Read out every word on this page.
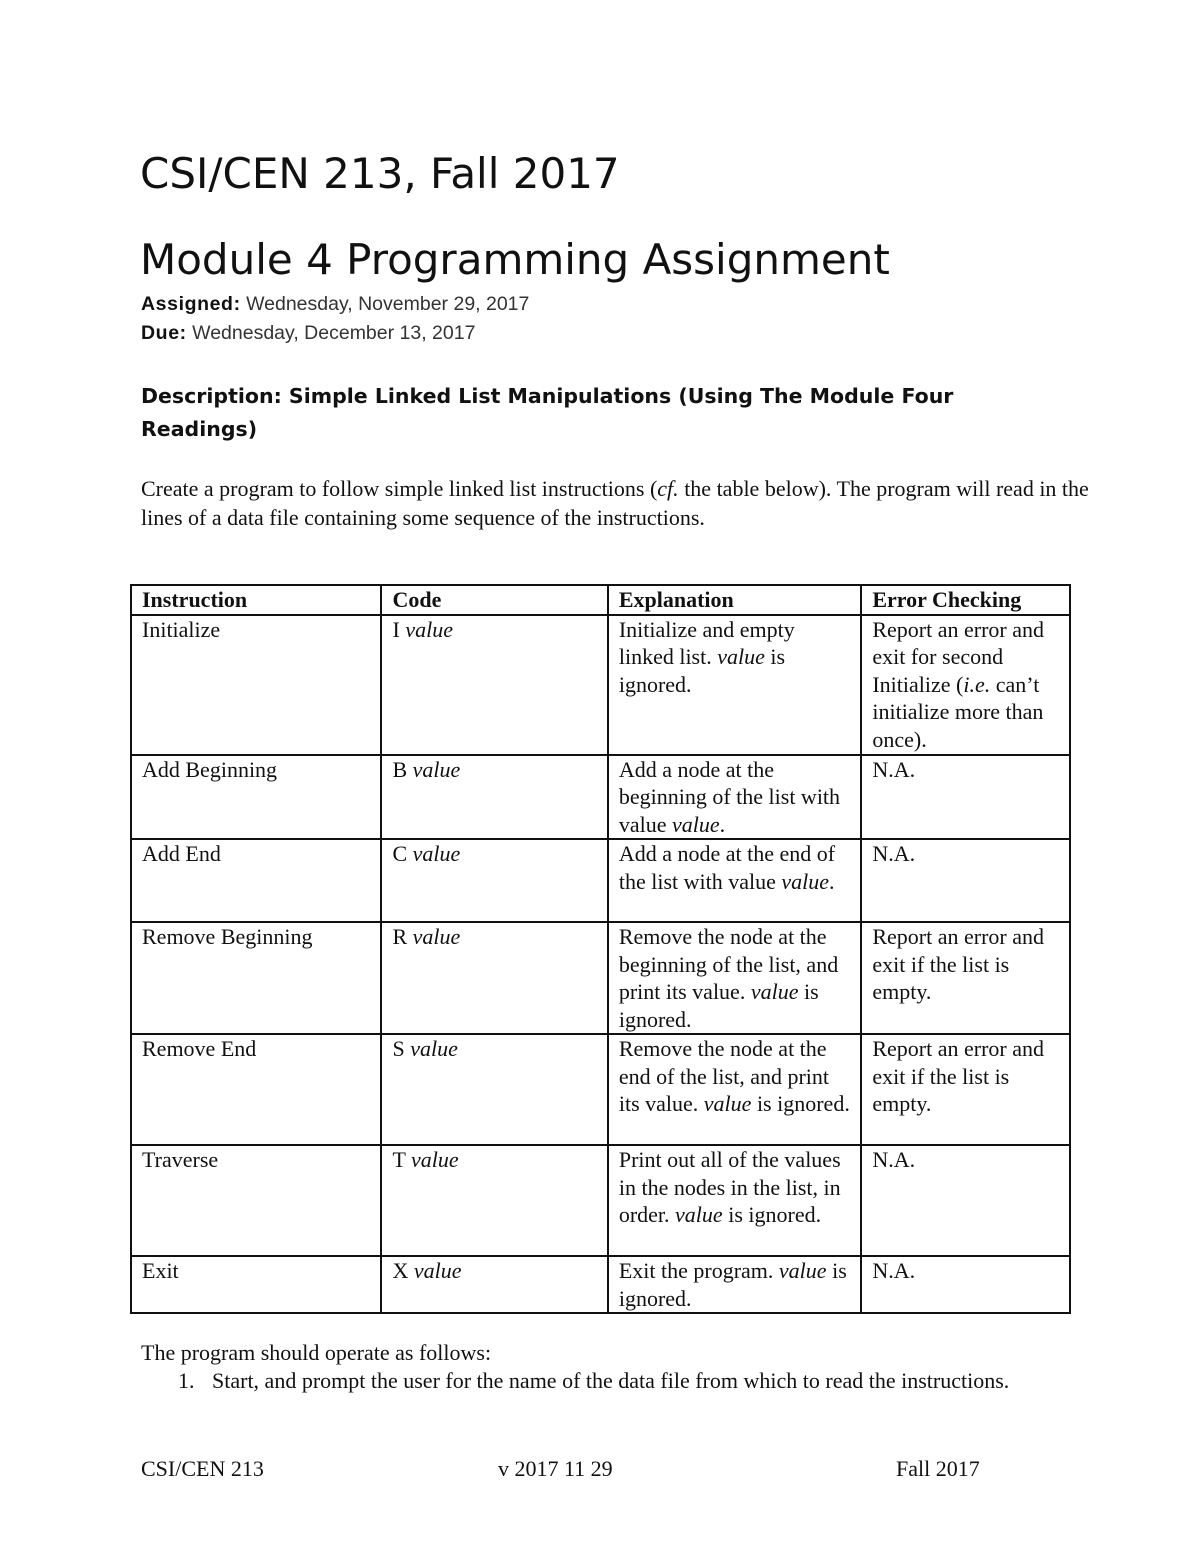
CSI/CEN 213, Fall 2017
Module 4 Programming Assignment
Assigned: Wednesday, November 29, 2017
Due: Wednesday, December 13, 2017
Description: Simple Linked List Manipulations (Using The Module Four Readings)
Create a program to follow simple linked list instructions (cf. the table below). The program will read in the lines of a data file containing some sequence of the instructions.
Instruction	Code	Explanation	Error Checking
Initialize	I value	Initialize and empty linked list. value is ignored.	Report an error and exit for second Initialize (i.e. can’t initialize more than once).
Add Beginning	B value	Add a node at the beginning of the list with value value.	N.A.
Add End	C value	Add a node at the end of the list with value value.	N.A.
Remove Beginning	R value	Remove the node at the beginning of the list, and print its value. value is ignored.	Report an error and exit if the list is empty.
Remove End	S value	Remove the node at the end of the list, and print its value. value is ignored.	Report an error and exit if the list is empty.
Traverse	T value	Print out all of the values in the nodes in the list, in order. value is ignored.	N.A.
Exit	X value	Exit the program. value is ignored.	N.A.
The program should operate as follows:
1. Start, and prompt the user for the name of the data file from which to read the instructions.
CSI/CEN 213	v 2017 11 29	Fall 2017
